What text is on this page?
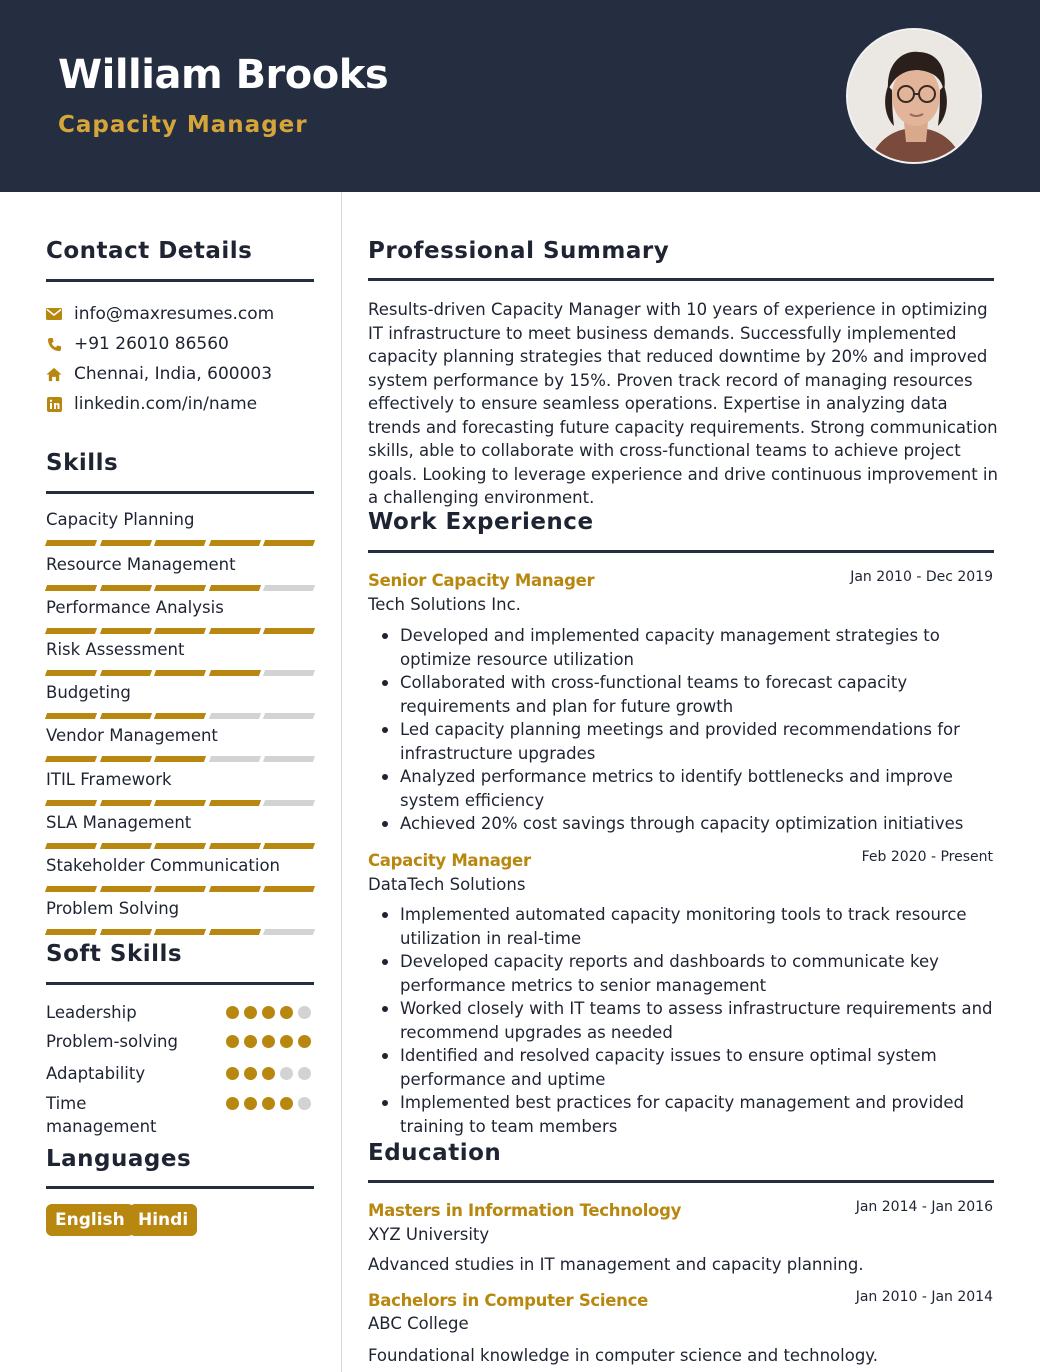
William Brooks
Capacity Manager
Contact Details
info@maxresumes.com
+91 26010 86560
Chennai, India, 600003
linkedin.com/in/name
Skills
Capacity Planning
Resource Management
Performance Analysis
Risk Assessment
Budgeting
Vendor Management
ITIL Framework
SLA Management
Stakeholder Communication
Problem Solving
Soft Skills
Leadership
Problem-solving
Adaptability
Time management
Languages
English Hindi
Professional Summary
Results-driven Capacity Manager with 10 years of experience in optimizing IT infrastructure to meet business demands. Successfully implemented capacity planning strategies that reduced downtime by 20% and improved system performance by 15%. Proven track record of managing resources effectively to ensure seamless operations. Expertise in analyzing data trends and forecasting future capacity requirements. Strong communication skills, able to collaborate with cross-functional teams to achieve project goals. Looking to leverage experience and drive continuous improvement in a challenging environment.
Work Experience
Senior Capacity Manager	Jan 2010 - Dec 2019
Tech Solutions Inc.
Developed and implemented capacity management strategies to optimize resource utilization
Collaborated with cross-functional teams to forecast capacity requirements and plan for future growth
Led capacity planning meetings and provided recommendations for infrastructure upgrades
Analyzed performance metrics to identify bottlenecks and improve system efficiency
Achieved 20% cost savings through capacity optimization initiatives
Capacity Manager	Feb 2020 - Present
DataTech Solutions
Implemented automated capacity monitoring tools to track resource utilization in real-time
Developed capacity reports and dashboards to communicate key performance metrics to senior management
Worked closely with IT teams to assess infrastructure requirements and recommend upgrades as needed
Identified and resolved capacity issues to ensure optimal system performance and uptime
Implemented best practices for capacity management and provided training to team members
Education
Masters in Information Technology	Jan 2014 - Jan 2016
XYZ University
Advanced studies in IT management and capacity planning.
Bachelors in Computer Science	Jan 2010 - Jan 2014
ABC College
Foundational knowledge in computer science and technology.
